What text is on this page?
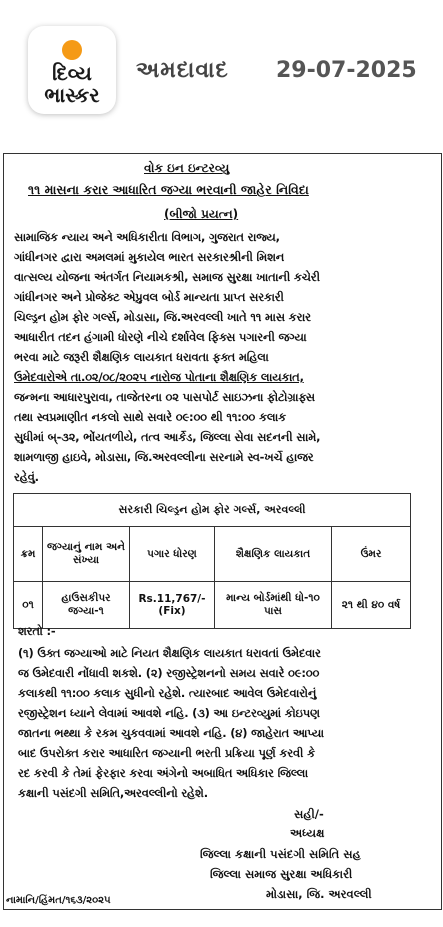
દિવ્ય
ભાસ્કર
અમદાવાદ 29-07-2025
વોક ઇન ઇન્ટરવ્યુ
૧૧ માસના કરાર આધારિત જગ્યા ભરવાની જાહેર નિવિદા
(બીજો પ્રયત્ન)
સામાજિક ન્યાય અને અધિકારીતા વિભાગ, ગુજરાત રાજ્ય,
ગાંધીનગર દ્વારા અમલમાં મુકાયેલ ભારત સરકારશ્રીની મિશન
વાત્સલ્ય યોજના અંતર્ગત નિયામકશ્રી, સમાજ સુરક્ષા ખાતાની કચેરી
ગાંધીનગર અને પ્રોજેક્ટ એપ્રુવલ બોર્ડ માન્યતા પ્રાપ્ત સરકારી
ચિલ્ડ્રન હોમ ફોર ગર્લ્સ, મોડાસા, જિ.અરવલ્લી ખાતે ૧૧ માસ કરાર
આધારીત તદન હંગામી ધોરણે નીચે દર્શાવેલ ફિક્સ પગારની જગ્યા
ભરવા માટે જરૂરી શૈક્ષણિક લાયકાત ધરાવતા ફક્ત મહિલા
ઉમેદવારોએ તા.૦૨/૦૮/૨૦૨૫ નારોજ પોતાના શૈક્ષણિક લાયકાત,
જન્મના આધારપુરાવા, તાજેતરના ૦૨ પાસપોર્ટ સાઇઝના ફોટોગ્રાફ્સ
તથા સ્વપ્રમાણીત નકલો સાથે સવારે ૦૯:૦૦ થી ૧૧:૦૦ કલાક
સુધીમાં બ્-૩૨, ભોંયતળીયે, તત્વ આર્કેડ, જિલ્લા સેવા સદનની સામે,
શામળાજી હાઇવે, મોડાસા, જિ.અરવલ્લીના સરનામે સ્વ-ખર્ચે હાજર
રહેવું.
સરકારી ચિલ્ડ્રન હોમ ફોર ગર્લ્સ, અરવલ્લી				
ક્રમ	જગ્યાનું નામ અને સંખ્યા	પગાર ધોરણ	શૈક્ષણિક લાયકાત	ઉંમર
૦૧	હાઉસકીપર જગ્યા-૧	Rs.11,767/- (Fix)	માન્ય બોર્ડમાંથી ધો-૧૦ પાસ	૨૧ થી ૪૦ વર્ષ
શરતો :-
(૧) ઉક્ત જગ્યાઓ માટે નિયત શૈક્ષણિક લાયકાત ધરાવતાં ઉમેદવાર
જ ઉમેદવારી નોંધાવી શકશે. (૨) રજીસ્ટ્રેશનનો સમય સવારે ૦૯:૦૦
કલાકથી ૧૧:૦૦ કલાક સુધીનો રહેશે. ત્યારબાદ આવેલ ઉમેદવારોનું
રજીસ્ટ્રેશન ધ્યાને લેવામાં આવશે નહિ. (૩) આ ઇન્ટરવ્યુમાં કોઇપણ
જાતના ભથ્થા કે રકમ ચુકવવામાં આવશે નહિ. (૪) જાહેરાત આપ્યા
બાદ ઉપરોક્ત કરાર આધારિત જગ્યાની ભરતી પ્રક્રિયા પૂર્ણ કરવી કે
રદ કરવી કે તેમાં ફેરફાર કરવા અંગેનો અબાધિત અધિકાર જિલ્લા
કક્ષાની પસંદગી સમિતિ,અરવલ્લીનો રહેશે.
સહી/-
અધ્યક્ષ
જિલ્લા કક્ષાની પસંદગી સમિતિ સહ
જિલ્લા સમાજ સુરક્ષા અધિકારી
મોડાસા, જિ. અરવલ્લી
નામાનિ/હિંમત/૧૬૩/૨૦૨૫
